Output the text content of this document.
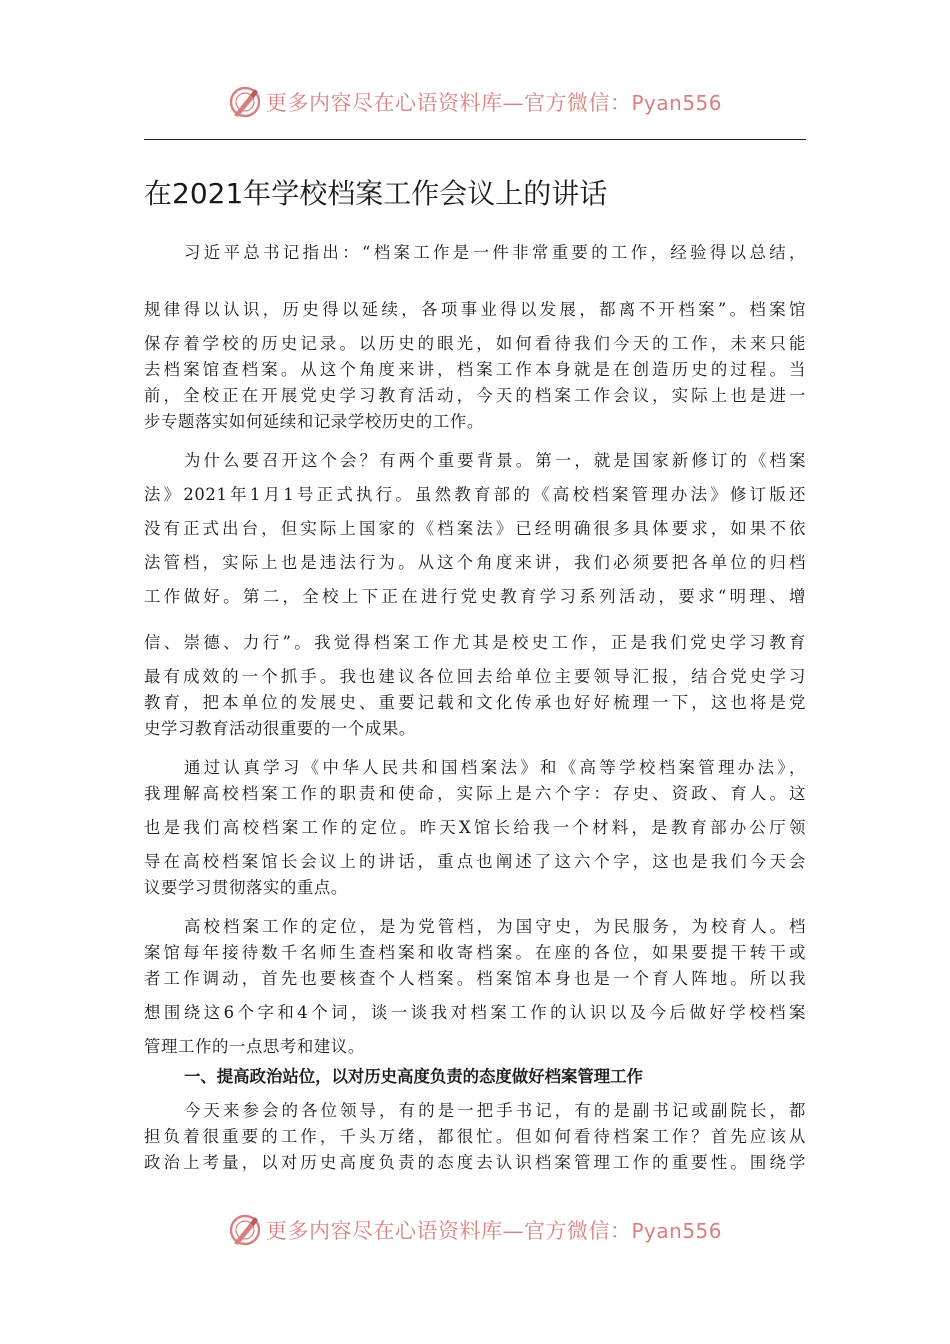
更多内容尽在心语资料库—官方微信：Pyan556
在2021年学校档案工作会议上的讲话
习近平总书记指出：“档案工作是一件非常重要的工作，经验得以总结，
规律得以认识，历史得以延续，各项事业得以发展，都离不开档案”。档案馆
保存着学校的历史记录。以历史的眼光，如何看待我们今天的工作，未来只能
去档案馆查档案。从这个角度来讲，档案工作本身就是在创造历史的过程。当
前，全校正在开展党史学习教育活动，今天的档案工作会议，实际上也是进一
步专题落实如何延续和记录学校历史的工作。
为什么要召开这个会？有两个重要背景。第一，就是国家新修订的《档案
法》2021年1月1号正式执行。虽然教育部的《高校档案管理办法》修订版还
没有正式出台，但实际上国家的《档案法》已经明确很多具体要求，如果不依
法管档，实际上也是违法行为。从这个角度来讲，我们必须要把各单位的归档
工作做好。第二，全校上下正在进行党史教育学习系列活动，要求“明理、增
信、崇德、力行”。我觉得档案工作尤其是校史工作，正是我们党史学习教育
最有成效的一个抓手。我也建议各位回去给单位主要领导汇报，结合党史学习
教育，把本单位的发展史、重要记载和文化传承也好好梳理一下，这也将是党
史学习教育活动很重要的一个成果。
通过认真学习《中华人民共和国档案法》和《高等学校档案管理办法》，
我理解高校档案工作的职责和使命，实际上是六个字：存史、资政、育人。这
也是我们高校档案工作的定位。昨天X馆长给我一个材料，是教育部办公厅领
导在高校档案馆长会议上的讲话，重点也阐述了这六个字，这也是我们今天会
议要学习贯彻落实的重点。
高校档案工作的定位，是为党管档，为国守史，为民服务，为校育人。档
案馆每年接待数千名师生查档案和收寄档案。在座的各位，如果要提干转干或
者工作调动，首先也要核查个人档案。档案馆本身也是一个育人阵地。所以我
想围绕这6个字和4个词，谈一谈我对档案工作的认识以及今后做好学校档案
管理工作的一点思考和建议。
一、提高政治站位，以对历史高度负责的态度做好档案管理工作
今天来参会的各位领导，有的是一把手书记，有的是副书记或副院长，都
担负着很重要的工作，千头万绪，都很忙。但如何看待档案工作？首先应该从
政治上考量，以对历史高度负责的态度去认识档案管理工作的重要性。围绕学
更多内容尽在心语资料库—官方微信：Pyan556
